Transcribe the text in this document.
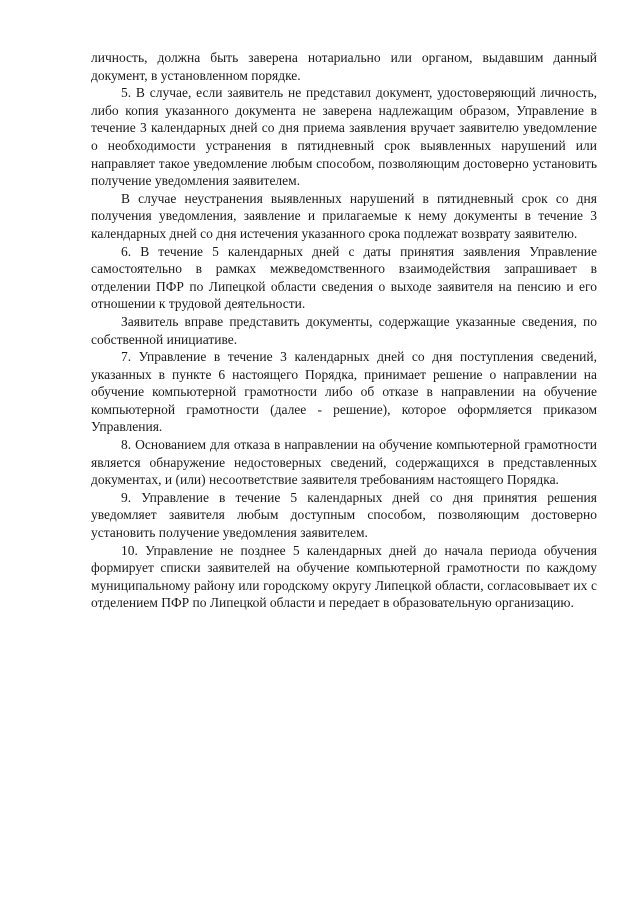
личность, должна быть заверена нотариально или органом, выдавшим данный документ, в установленном порядке.

5. В случае, если заявитель не представил документ, удостоверяющий личность, либо копия указанного документа не заверена надлежащим образом, Управление в течение 3 календарных дней со дня приема заявления вручает заявителю уведомление о необходимости устранения в пятидневный срок выявленных нарушений или направляет такое уведомление любым способом, позволяющим достоверно установить получение уведомления заявителем.

В случае неустранения выявленных нарушений в пятидневный срок со дня получения уведомления, заявление и прилагаемые к нему документы в течение 3 календарных дней со дня истечения указанного срока подлежат возврату заявителю.

6. В течение 5 календарных дней с даты принятия заявления Управление самостоятельно в рамках межведомственного взаимодействия запрашивает в отделении ПФР по Липецкой области сведения о выходе заявителя на пенсию и его отношении к трудовой деятельности.

Заявитель вправе представить документы, содержащие указанные сведения, по собственной инициативе.

7. Управление в течение 3 календарных дней со дня поступления сведений, указанных в пункте 6 настоящего Порядка, принимает решение о направлении на обучение компьютерной грамотности либо об отказе в направлении на обучение компьютерной грамотности (далее - решение), которое оформляется приказом Управления.

8. Основанием для отказа в направлении на обучение компьютерной грамотности является обнаружение недостоверных сведений, содержащихся в представленных документах, и (или) несоответствие заявителя требованиям настоящего Порядка.

9. Управление в течение 5 календарных дней со дня принятия решения уведомляет заявителя любым доступным способом, позволяющим достоверно установить получение уведомления заявителем.

10. Управление не позднее 5 календарных дней до начала периода обучения формирует списки заявителей на обучение компьютерной грамотности по каждому муниципальному району или городскому округу Липецкой области, согласовывает их с отделением ПФР по Липецкой области и передает в образовательную организацию.
